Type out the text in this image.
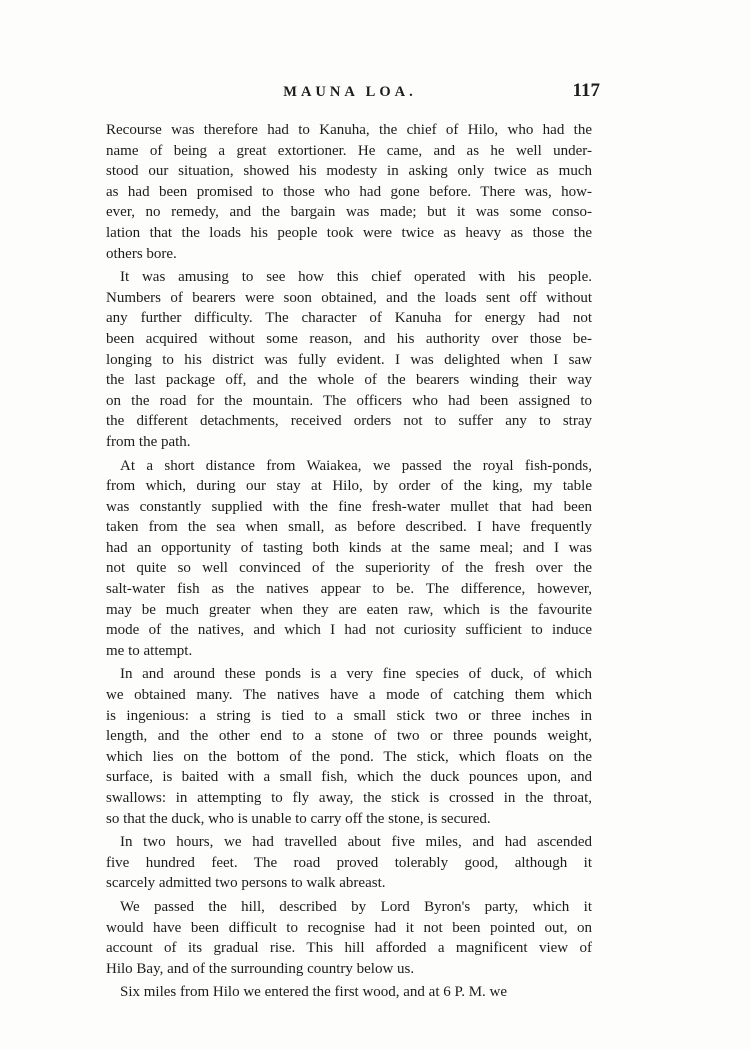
MAUNA LOA.	117
Recourse was therefore had to Kanuha, the chief of Hilo, who had the
name of being a great extortioner. He came, and as he well under-
stood our situation, showed his modesty in asking only twice as much
as had been promised to those who had gone before. There was, how-
ever, no remedy, and the bargain was made; but it was some conso-
lation that the loads his people took were twice as heavy as those the
others bore.
It was amusing to see how this chief operated with his people.
Numbers of bearers were soon obtained, and the loads sent off without
any further difficulty. The character of Kanuha for energy had not
been acquired without some reason, and his authority over those be-
longing to his district was fully evident. I was delighted when I saw
the last package off, and the whole of the bearers winding their way
on the road for the mountain. The officers who had been assigned to
the different detachments, received orders not to suffer any to stray
from the path.
At a short distance from Waiakea, we passed the royal fish-ponds,
from which, during our stay at Hilo, by order of the king, my table
was constantly supplied with the fine fresh-water mullet that had been
taken from the sea when small, as before described. I have frequently
had an opportunity of tasting both kinds at the same meal; and I was
not quite so well convinced of the superiority of the fresh over the
salt-water fish as the natives appear to be. The difference, however,
may be much greater when they are eaten raw, which is the favourite
mode of the natives, and which I had not curiosity sufficient to induce
me to attempt.
In and around these ponds is a very fine species of duck, of which
we obtained many. The natives have a mode of catching them which
is ingenious: a string is tied to a small stick two or three inches in
length, and the other end to a stone of two or three pounds weight,
which lies on the bottom of the pond. The stick, which floats on the
surface, is baited with a small fish, which the duck pounces upon, and
swallows: in attempting to fly away, the stick is crossed in the throat,
so that the duck, who is unable to carry off the stone, is secured.
In two hours, we had travelled about five miles, and had ascended
five hundred feet. The road proved tolerably good, although it
scarcely admitted two persons to walk abreast.
We passed the hill, described by Lord Byron's party, which it
would have been difficult to recognise had it not been pointed out, on
account of its gradual rise. This hill afforded a magnificent view of
Hilo Bay, and of the surrounding country below us.
Six miles from Hilo we entered the first wood, and at 6 P. M. we
